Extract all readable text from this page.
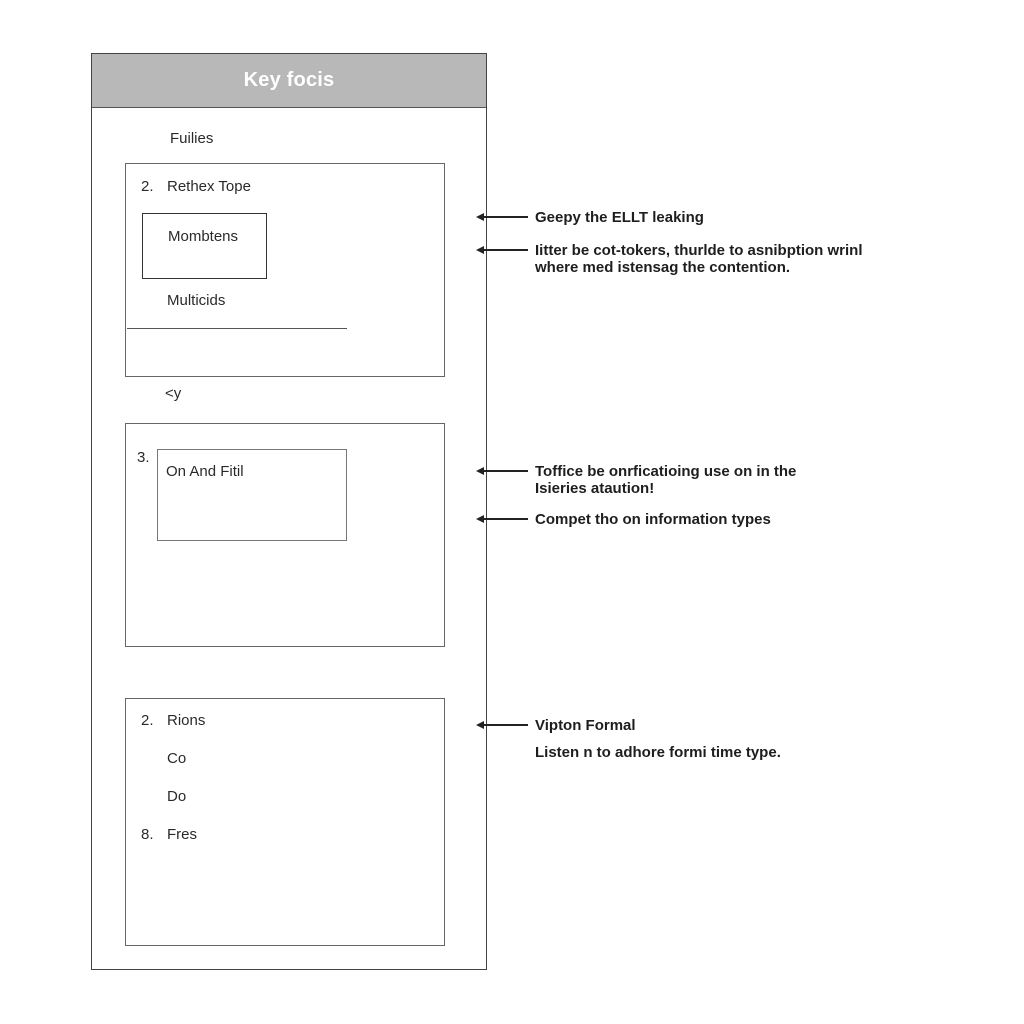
Key focis
Fuilies
2. Rethex Tope
Mombtens
Multicids
<y
3.
On And Fitil
2. Rions
Co
Do
8. Fres
Geepy the ELLT leaking
Iitter be cot-tokers, thurlde to asnibption wrinl
where med istensag the contention.
Toffice be onrficatioing use on in the
Isieries atautionǃ
Compet tho on information types
Vipton Formal
Listen n to adhore formi time type.
